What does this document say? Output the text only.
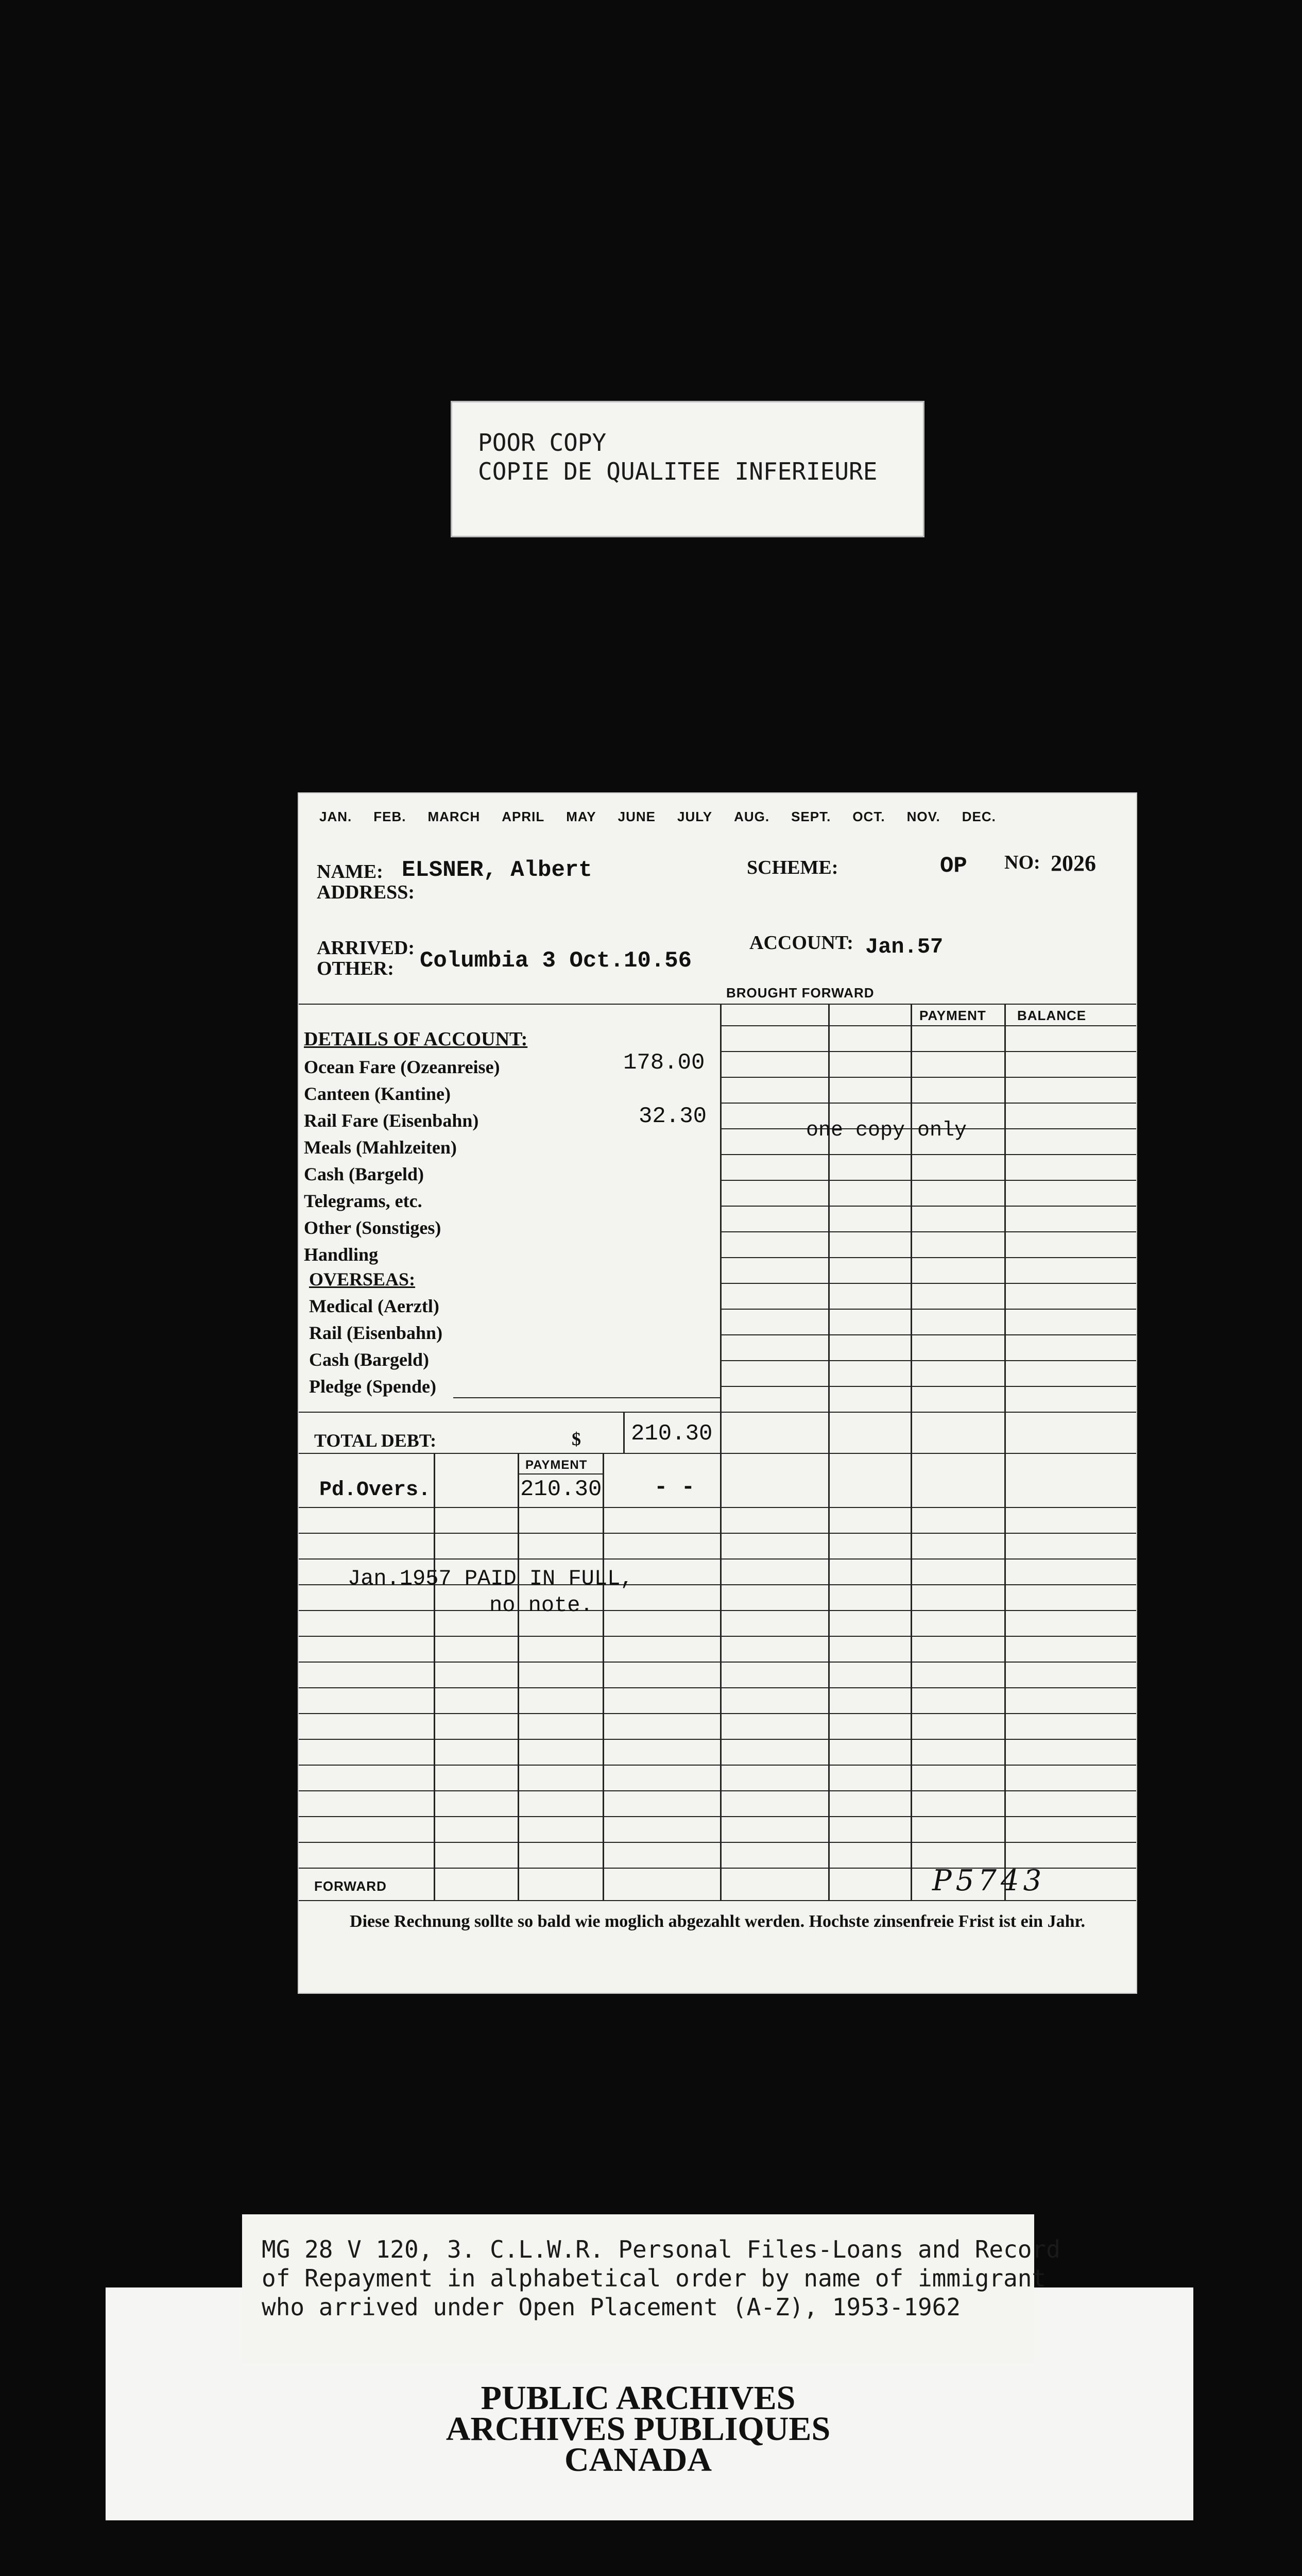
POOR COPY
COPIE DE QUALITEE INFERIEURE
JAN. FEB. MARCH APRIL MAY JUNE JULY AUG. SEPT. OCT. NOV. DEC.
NAME: ELSNER, Albert
ADDRESS:
SCHEME:	OP NO: 2026
ARRIVED:
OTHER: Columbia 3 Oct.10.56
ACCOUNT: Jan.57
BROUGHT FORWARD
PAYMENT BALANCE
DETAILS OF ACCOUNT:
Ocean Fare (Ozeanreise)	178.00
Canteen (Kantine)
Rail Fare (Eisenbahn)	32.30
one copy only
Meals (Mahlzeiten)
Cash (Bargeld)
Telegrams, etc.
Other (Sonstiges)
Handling
OVERSEAS:
Medical (Aerztl)
Rail (Eisenbahn)
Cash (Bargeld)
Pledge (Spende)
TOTAL DEBT:	$ 210.30
PAYMENT
Pd.Overs.	210.30 - -
Jan.1957 PAID IN FULL,
no note.
FORWARD	P5743
Diese Rechnung sollte so bald wie moglich abgezahlt werden. Hochste zinsenfreie Frist ist ein Jahr.
MG 28 V 120, 3. C.L.W.R. Personal Files-Loans and Record
of Repayment in alphabetical order by name of immigrant
who arrived under Open Placement (A-Z), 1953-1962
PUBLIC ARCHIVES
ARCHIVES PUBLIQUES
CANADA
